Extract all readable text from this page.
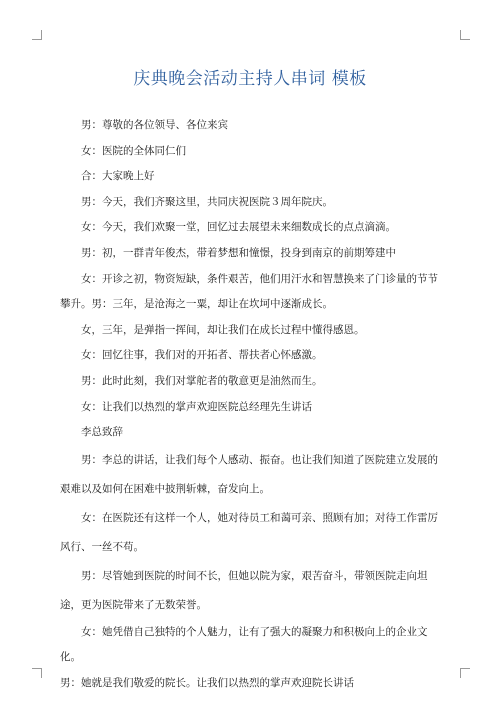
庆典晚会活动主持人串词 模板

男：尊敬的各位领导、各位来宾

女：医院的全体同仁们

合：大家晚上好

男：今天，我们齐聚这里，共同庆祝医院３周年院庆。

女：今天，我们欢聚一堂，回忆过去展望未来细数成长的点点滴滴。

男：初，一群青年俊杰，带着梦想和憧憬，投身到南京的前期筹建中

女：开诊之初，物资短缺，条件艰苦，他们用汗水和智慧换来了门诊量的节节攀升。男：三年，是沧海之一粟，却让在坎坷中逐渐成长。

女，三年，是弹指一挥间，却让我们在成长过程中懂得感恩。

女：回忆往事，我们对的开拓者、帮扶者心怀感激。

男：此时此刻，我们对掌舵者的敬意更是油然而生。

女：让我们以热烈的掌声欢迎医院总经理先生讲话

李总致辞

男：李总的讲话，让我们每个人感动、振奋。也让我们知道了医院建立发展的艰难以及如何在困难中披荆斩棘，奋发向上。

女：在医院还有这样一个人，她对待员工和蔼可亲、照顾有加；对待工作雷厉风行、一丝不苟。

男：尽管她到医院的时间不长，但她以院为家，艰苦奋斗，带领医院走向坦途，更为医院带来了无数荣誉。

女：她凭借自己独特的个人魅力，让有了强大的凝聚力和积极向上的企业文化。

男：她就是我们敬爱的院长。让我们以热烈的掌声欢迎院长讲话
